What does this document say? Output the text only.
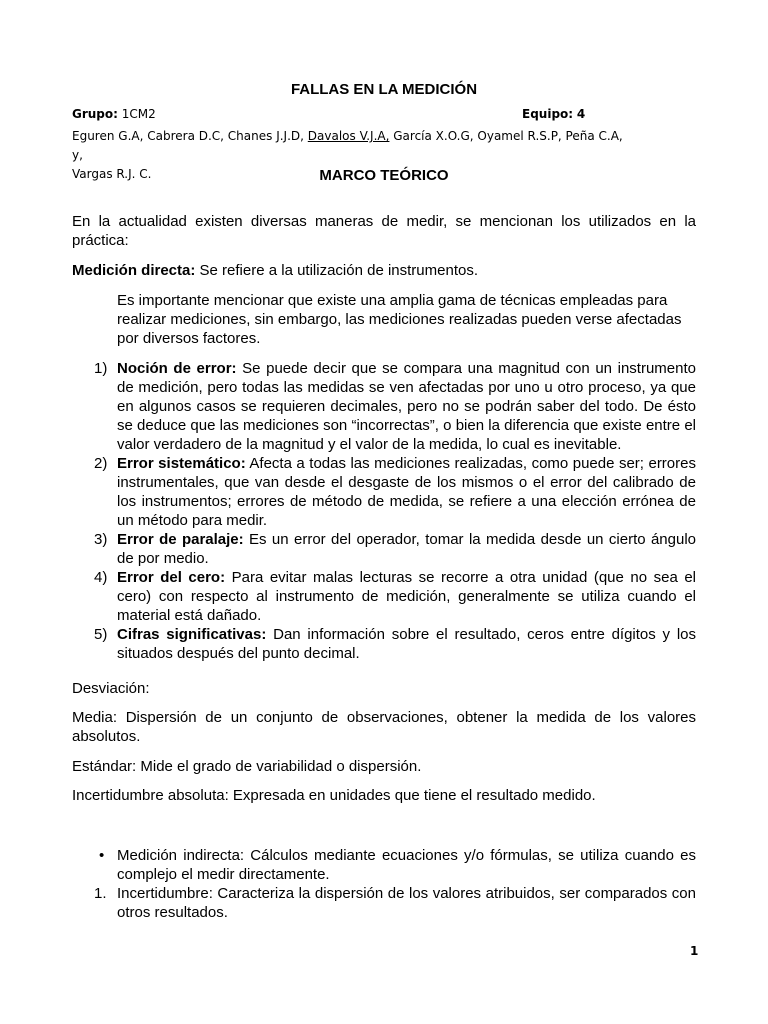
FALLAS EN LA MEDICIÓN
Grupo: 1CM2	Equipo: 4
Eguren G.A, Cabrera D.C, Chanes J.J.D, Davalos V.J.A, García X.O.G, Oyamel R.S.P, Peña C.A, y,
Vargas R.J. C.	MARCO TEÓRICO
En la actualidad existen diversas maneras de medir, se mencionan los utilizados en la práctica:
Medición directa: Se refiere a la utilización de instrumentos.
Es importante mencionar que existe una amplia gama de técnicas empleadas para realizar mediciones, sin embargo, las mediciones realizadas pueden verse afectadas por diversos factores.
1) Noción de error: Se puede decir que se compara una magnitud con un instrumento de medición, pero todas las medidas se ven afectadas por uno u otro proceso, ya que en algunos casos se requieren decimales, pero no se podrán saber del todo. De ésto se deduce que las mediciones son “incorrectas”, o bien la diferencia que existe entre el valor verdadero de la magnitud y el valor de la medida, lo cual es inevitable.
2) Error sistemático: Afecta a todas las mediciones realizadas, como puede ser; errores instrumentales, que van desde el desgaste de los mismos o el error del calibrado de los instrumentos; errores de método de medida, se refiere a una elección errónea de un método para medir.
3) Error de paralaje: Es un error del operador, tomar la medida desde un cierto ángulo de por medio.
4) Error del cero: Para evitar malas lecturas se recorre a otra unidad (que no sea el cero) con respecto al instrumento de medición, generalmente se utiliza cuando el material está dañado.
5) Cifras significativas: Dan información sobre el resultado, ceros entre dígitos y los situados después del punto decimal.
Desviación:
Media: Dispersión de un conjunto de observaciones, obtener la medida de los valores absolutos.
Estándar: Mide el grado de variabilidad o dispersión.
Incertidumbre absoluta: Expresada en unidades que tiene el resultado medido.
• Medición indirecta: Cálculos mediante ecuaciones y/o fórmulas, se utiliza cuando es complejo el medir directamente.
1. Incertidumbre: Caracteriza la dispersión de los valores atribuidos, ser comparados con otros resultados.
1
